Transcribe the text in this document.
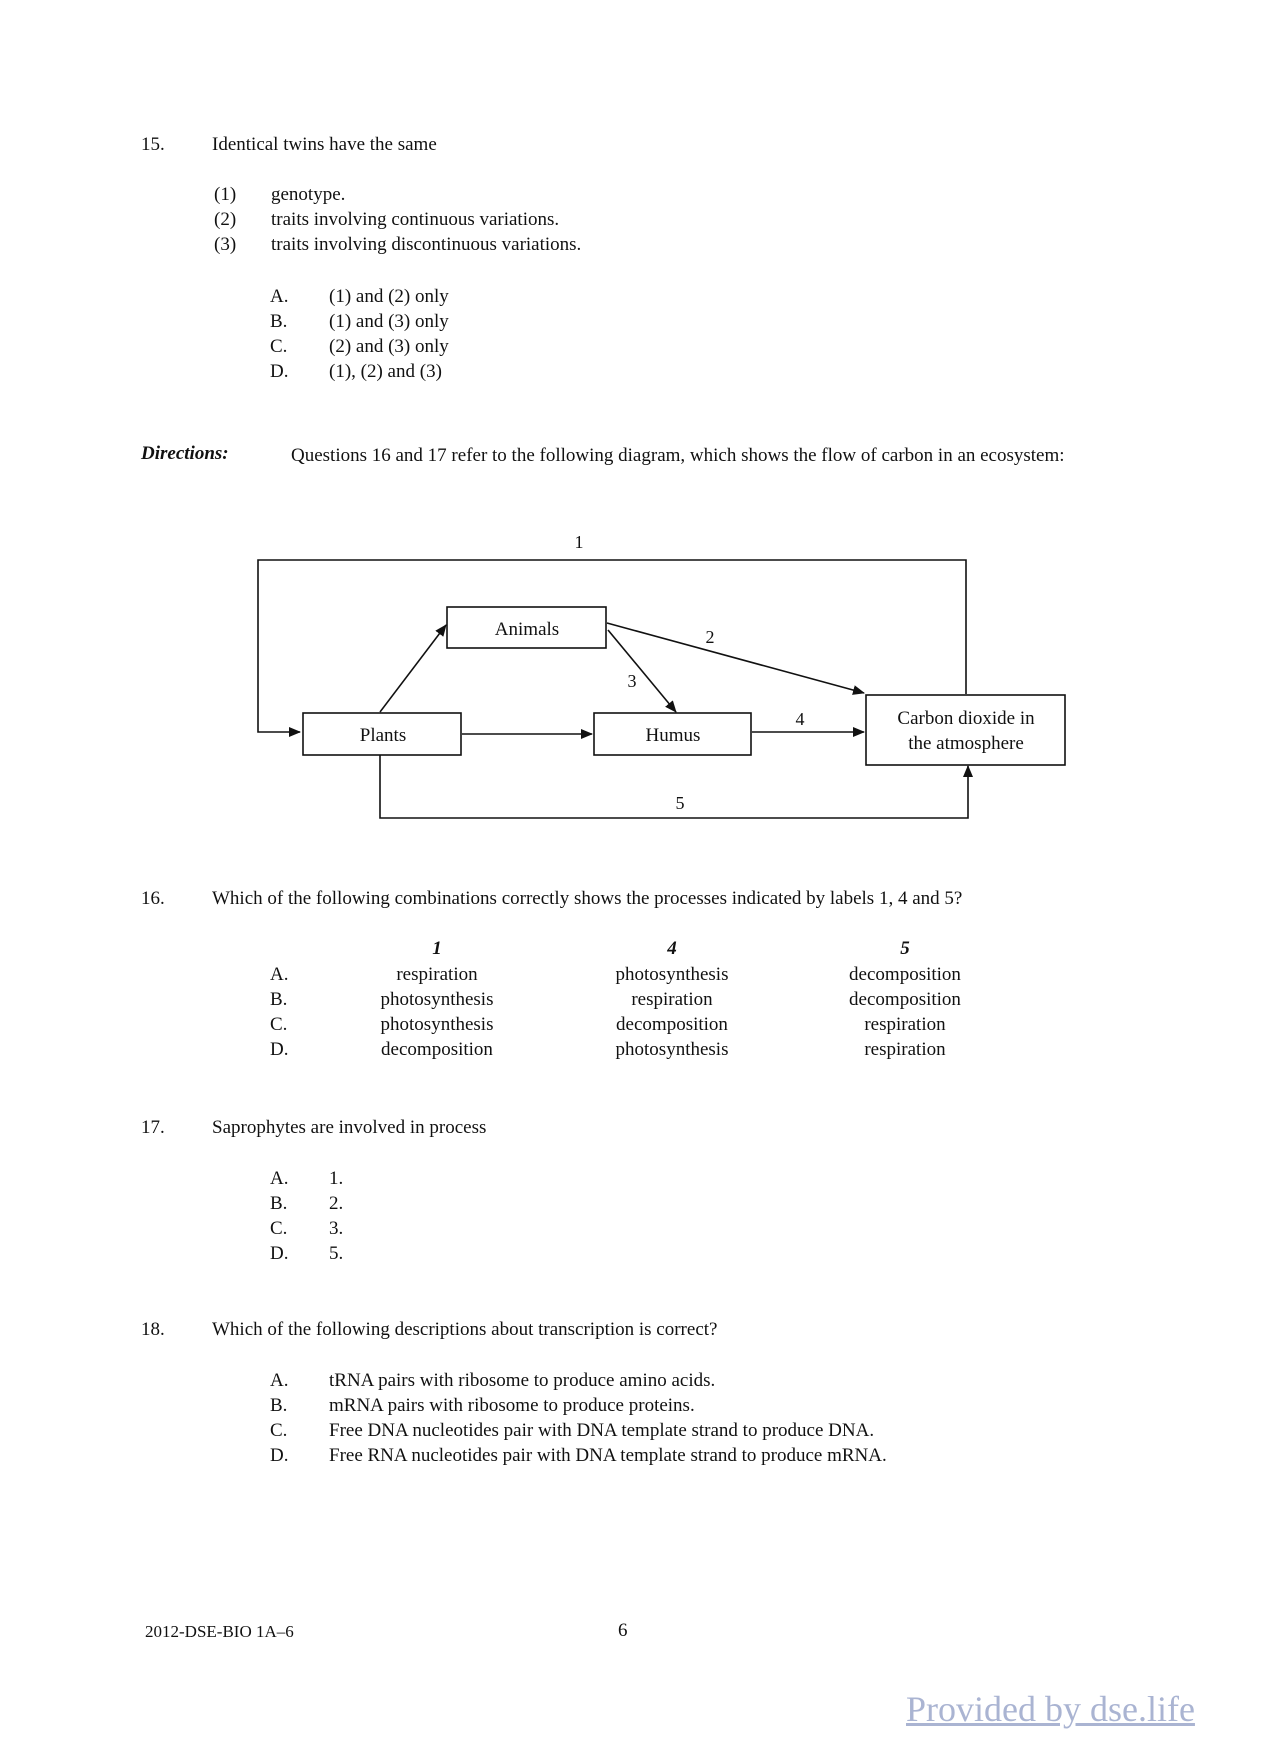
15. Identical twins have the same
(1) genotype.
(2) traits involving continuous variations.
(3) traits involving discontinuous variations.
A. (1) and (2) only
B. (1) and (3) only
C. (2) and (3) only
D. (1), (2) and (3)
Directions:	Questions 16 and 17 refer to the following diagram, which shows the flow of carbon in an ecosystem:
Animals
Plants	Humus
Carbon dioxide in
the atmosphere
1
2
3
4
5
16. Which of the following combinations correctly shows the processes indicated by labels 1, 4 and 5?
1	4	5
A.	respiration	photosynthesis	decomposition
B.	photosynthesis	respiration	decomposition
C.	photosynthesis	decomposition	respiration
D.	decomposition	photosynthesis	respiration
17. Saprophytes are involved in process
A. 1.
B. 2.
C. 3.
D. 5.
18. Which of the following descriptions about transcription is correct?
A. tRNA pairs with ribosome to produce amino acids.
B. mRNA pairs with ribosome to produce proteins.
C. Free DNA nucleotides pair with DNA template strand to produce DNA.
D. Free RNA nucleotides pair with DNA template strand to produce mRNA.
2012-DSE-BIO 1A–6	6
Provided by dse.life
